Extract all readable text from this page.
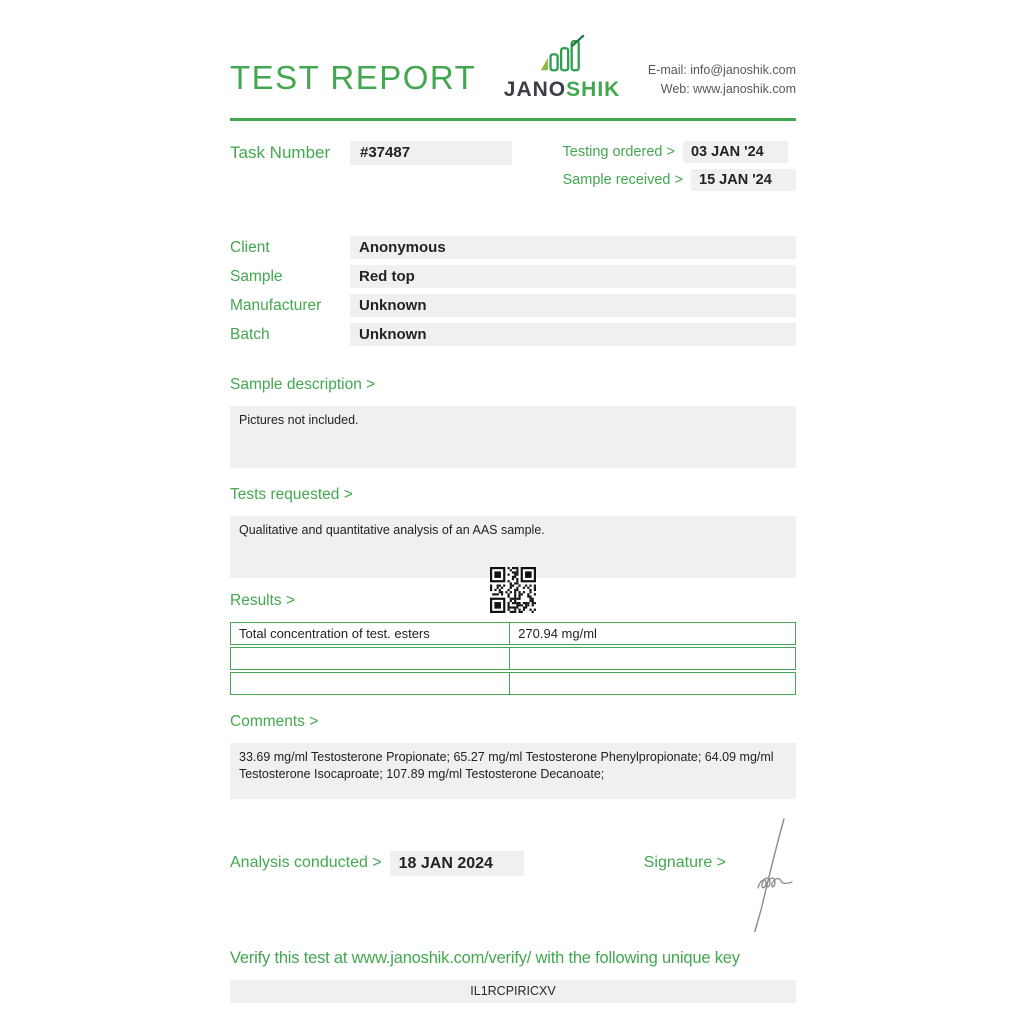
TEST REPORT JANOSHIK
E-mail: info@janoshik.com
Web: www.janoshik.com
Task Number	#37487	Testing ordered >	03 JAN '24
Sample received >	15 JAN '24
Client	Anonymous
Sample	Red top
Manufacturer	Unknown
Batch	Unknown
Sample description >
Pictures not included.
Tests requested >
Qualitative and quantitative analysis of an AAS sample.
Results >
Total concentration of test. esters	270.94 mg/ml
Comments >
33.69 mg/ml Testosterone Propionate; 65.27 mg/ml Testosterone Phenylpropionate; 64.09 mg/ml Testosterone Isocaproate; 107.89 mg/ml Testosterone Decanoate;
Analysis conducted >	18 JAN 2024	Signature >
Verify this test at www.janoshik.com/verify/ with the following unique key
IL1RCPIRICXV
